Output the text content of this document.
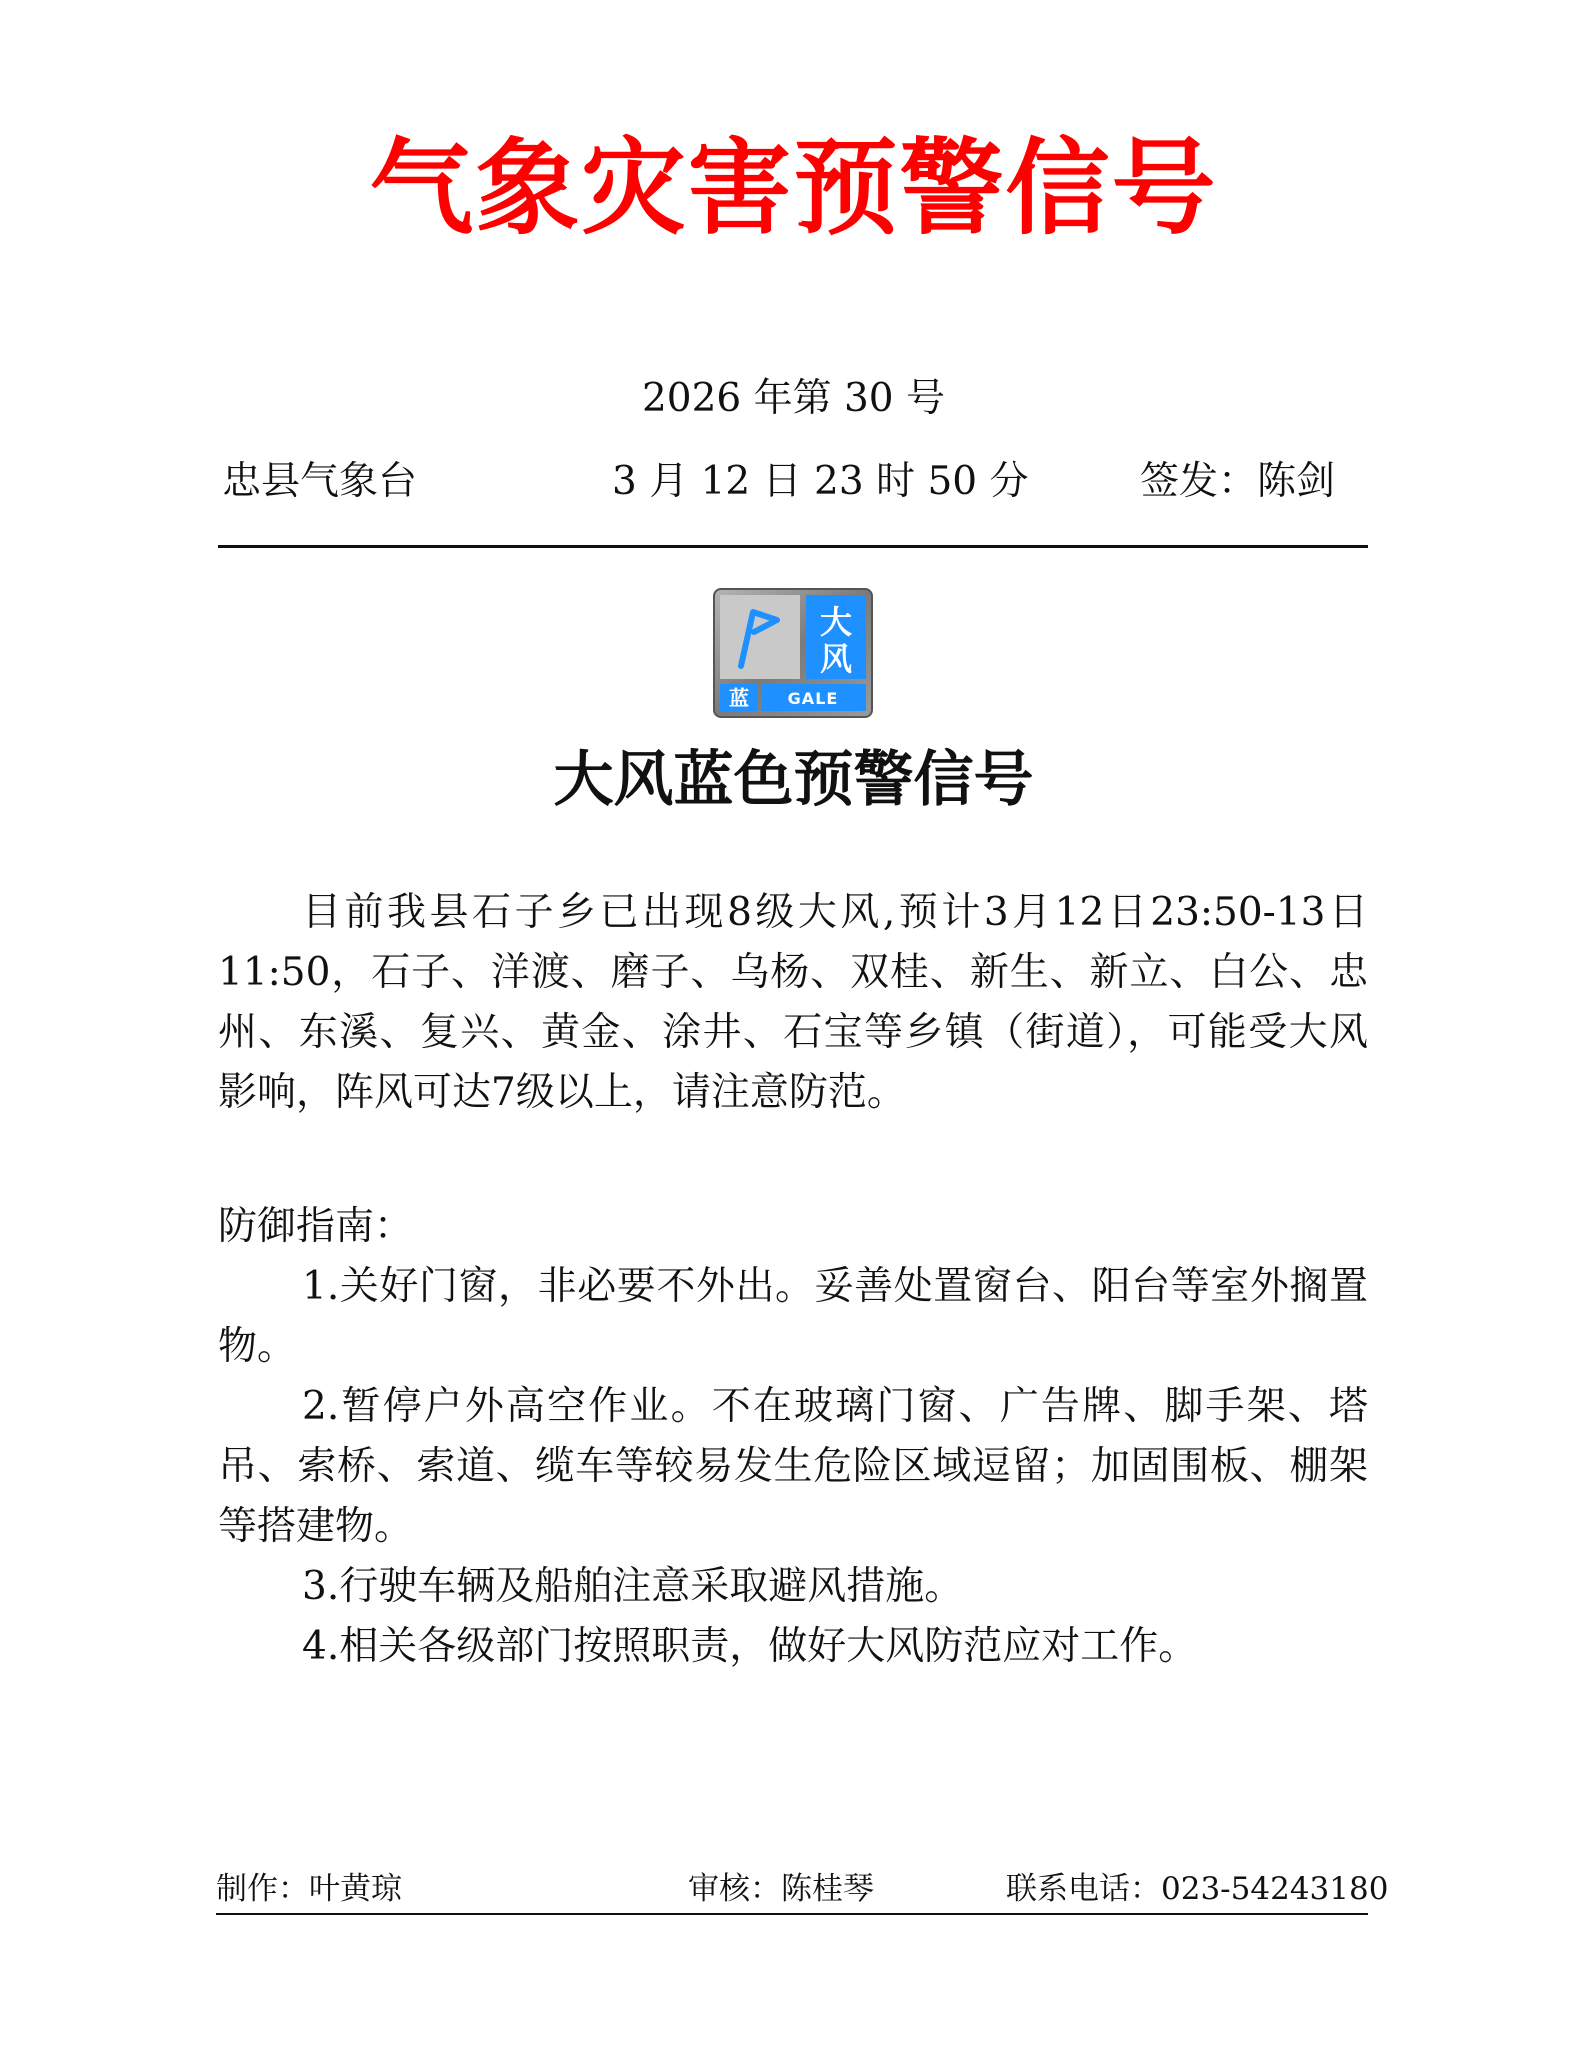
气象灾害预警信号
2026 年第 30 号
忠县气象台	3 月 12 日 23 时 50 分	签发：陈剑
大
风
蓝 GALE
大风蓝色预警信号

目前我县石子乡已出现8级大风,预计3月12日23:50-13日11:50，石子、洋渡、磨子、乌杨、双桂、新生、新立、白公、忠州、东溪、复兴、黄金、涂井、石宝等乡镇（街道），可能受大风影响，阵风可达7级以上，请注意防范。

防御指南：

1.关好门窗，非必要不外出。妥善处置窗台、阳台等室外搁置物。
2.暂停户外高空作业。不在玻璃门窗、广告牌、脚手架、塔吊、索桥、索道、缆车等较易发生危险区域逗留；加固围板、棚架等搭建物。
3.行驶车辆及船舶注意采取避风措施。
4.相关各级部门按照职责，做好大风防范应对工作。
制作：叶黄琼	审核：陈桂琴	联系电话：023-54243180
